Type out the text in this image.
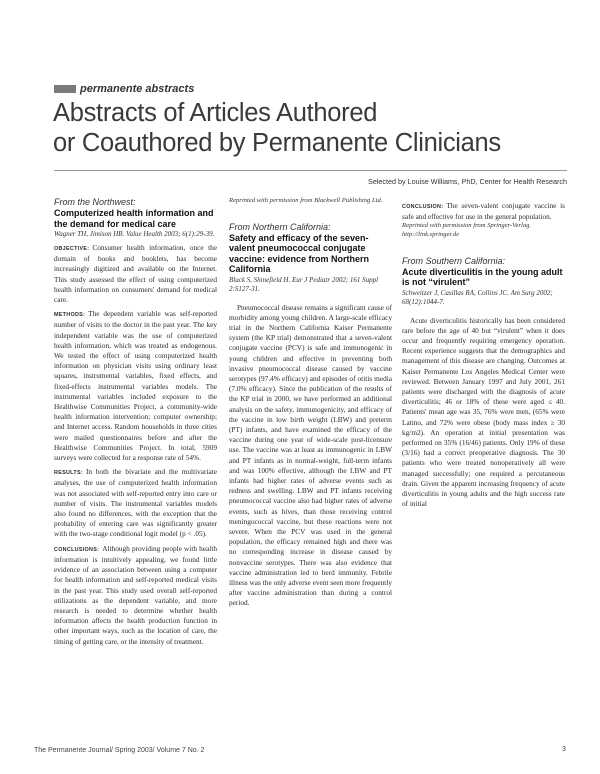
permanente abstracts
Abstracts of Articles Authored
or Coauthored by Permanente Clinicians
Selected by Louise Williams, PhD, Center for Health Research
From the Northwest:

Computerized health information and the demand for medical care

Wagner TH, Jimison HB. Value Health 2003; 6(1):29-39.

OBJECTIVE: Consumer health information, once the domain of books and booklets, has become increasingly digitized and available on the Internet. This study assessed the effect of using computerized health information on consumers' demand for medical care.

METHODS: The dependent variable was self-reported number of visits to the doctor in the past year. The key independent variable was the use of computerized health information, which was treated as endogenous. We tested the effect of using computerized health information on physician visits using ordinary least squares, instrumental variables, fixed effects, and fixed-effects instrumental variables models. The instrumental variables included exposure to the Healthwise Communities Project, a community-wide health information intervention; computer ownership; and Internet access. Random households in three cities were mailed questionnaires before and after the Healthwise Communities Project. In total, 5909 surveys were collected for a response rate of 54%.

RESULTS: In both the bivariate and the multivariate analyses, the use of computerized health information was not associated with self-reported entry into care or number of visits. The instrumental variables models also found no differences, with the exception that the probability of entering care was significantly greater with the two-stage conditional logit model (p < .05).

CONCLUSIONS: Although providing people with health information is intuitively appealing, we found little evidence of an association between using a computer for health information and self-reported medical visits in the past year. This study used overall self-reported utilizations as the dependent variable, and more research is needed to determine whether health information affects the health production function in other important ways, such as the location of care, the timing of getting care, or the intensity of treatment.

Reprinted with permission from Blackwell Publishing Ltd.
From Northern California:

Safety and efficacy of the seven-valent pneumococcal conjugate vaccine: evidence from Northern California

Black S, Shinefield H. Eur J Pediatr 2002; 161 Suppl 2:S127-31.

Pneumococcal disease remains a significant cause of morbidity among young children. A large-scale efficacy trial in the Northern California Kaiser Permanente system (the KP trial) demonstrated that a seven-valent conjugate vaccine (PCV) is safe and immunogenic in young children and effective in preventing both invasive pneumococcal disease caused by vaccine serotypes (97.4% efficacy) and episodes of otitis media (7.0% efficacy). Since the publication of the results of the KP trial in 2000, we have performed an additional analysis on the safety, immunogenicity, and efficacy of the vaccine in low birth weight (LBW) and preterm (PT) infants, and have examined the efficacy of the vaccine during one year of wide-scale post-licensure use. The vaccine was at least as immunogenic in LBW and PT infants as in normal-weight, full-term infants and was 100% effective, although the LBW and PT infants had higher rates of adverse events such as redness and swelling. LBW and PT infants receiving pneumococcal vaccine also had higher rates of adverse events, such as hives, than those receiving control meningococcal vaccine, but these reactions were not severe. When the PCV was used in the general population, the efficacy remained high and there was no corresponding increase in disease caused by nonvaccine serotypes. There was also evidence that vaccine administration led to herd immunity. Febrile illness was the only adverse event seen more frequently after vaccine administration than during a control period.

CONCLUSION: The seven-valent conjugate vaccine is safe and effective for use in the general population.

Reprinted with permission from Springer-Verlag. http://link.springer.de
From Southern California:

Acute diverticulitis in the young adult is not “virulent”

Schweitzer J, Casillas RA, Collins JC. Am Surg 2002; 68(12):1044-7.

Acute diverticulitis historically has been considered rare before the age of 40 but “virulent” when it does occur and frequently requiring emergency operation. Recent experience suggests that the demographics and management of this disease are changing. Outcomes at Kaiser Permanente Los Angeles Medical Center were reviewed. Between January 1997 and July 2001, 261 patients were discharged with the diagnosis of acute diverticulitis; 46 or 18% of these were aged ≤ 40. Patients' mean age was 35, 76% were men, (65% were Latino, and 72% were obese (body mass index ≥ 30 kg/m2). An operation at initial presentation was performed on 35% (16/46) patients. Only 19% of these (3/16) had a correct preoperative diagnosis. The 30 patients who were treated nonoperatively all were managed successfully; one required a percutaneous drain. Given the apparent increasing frequency of acute diverticulitis in young adults and the high success rate of initial

The Permanente Journal/ Spring 2003/ Volume 7 No. 2	3
